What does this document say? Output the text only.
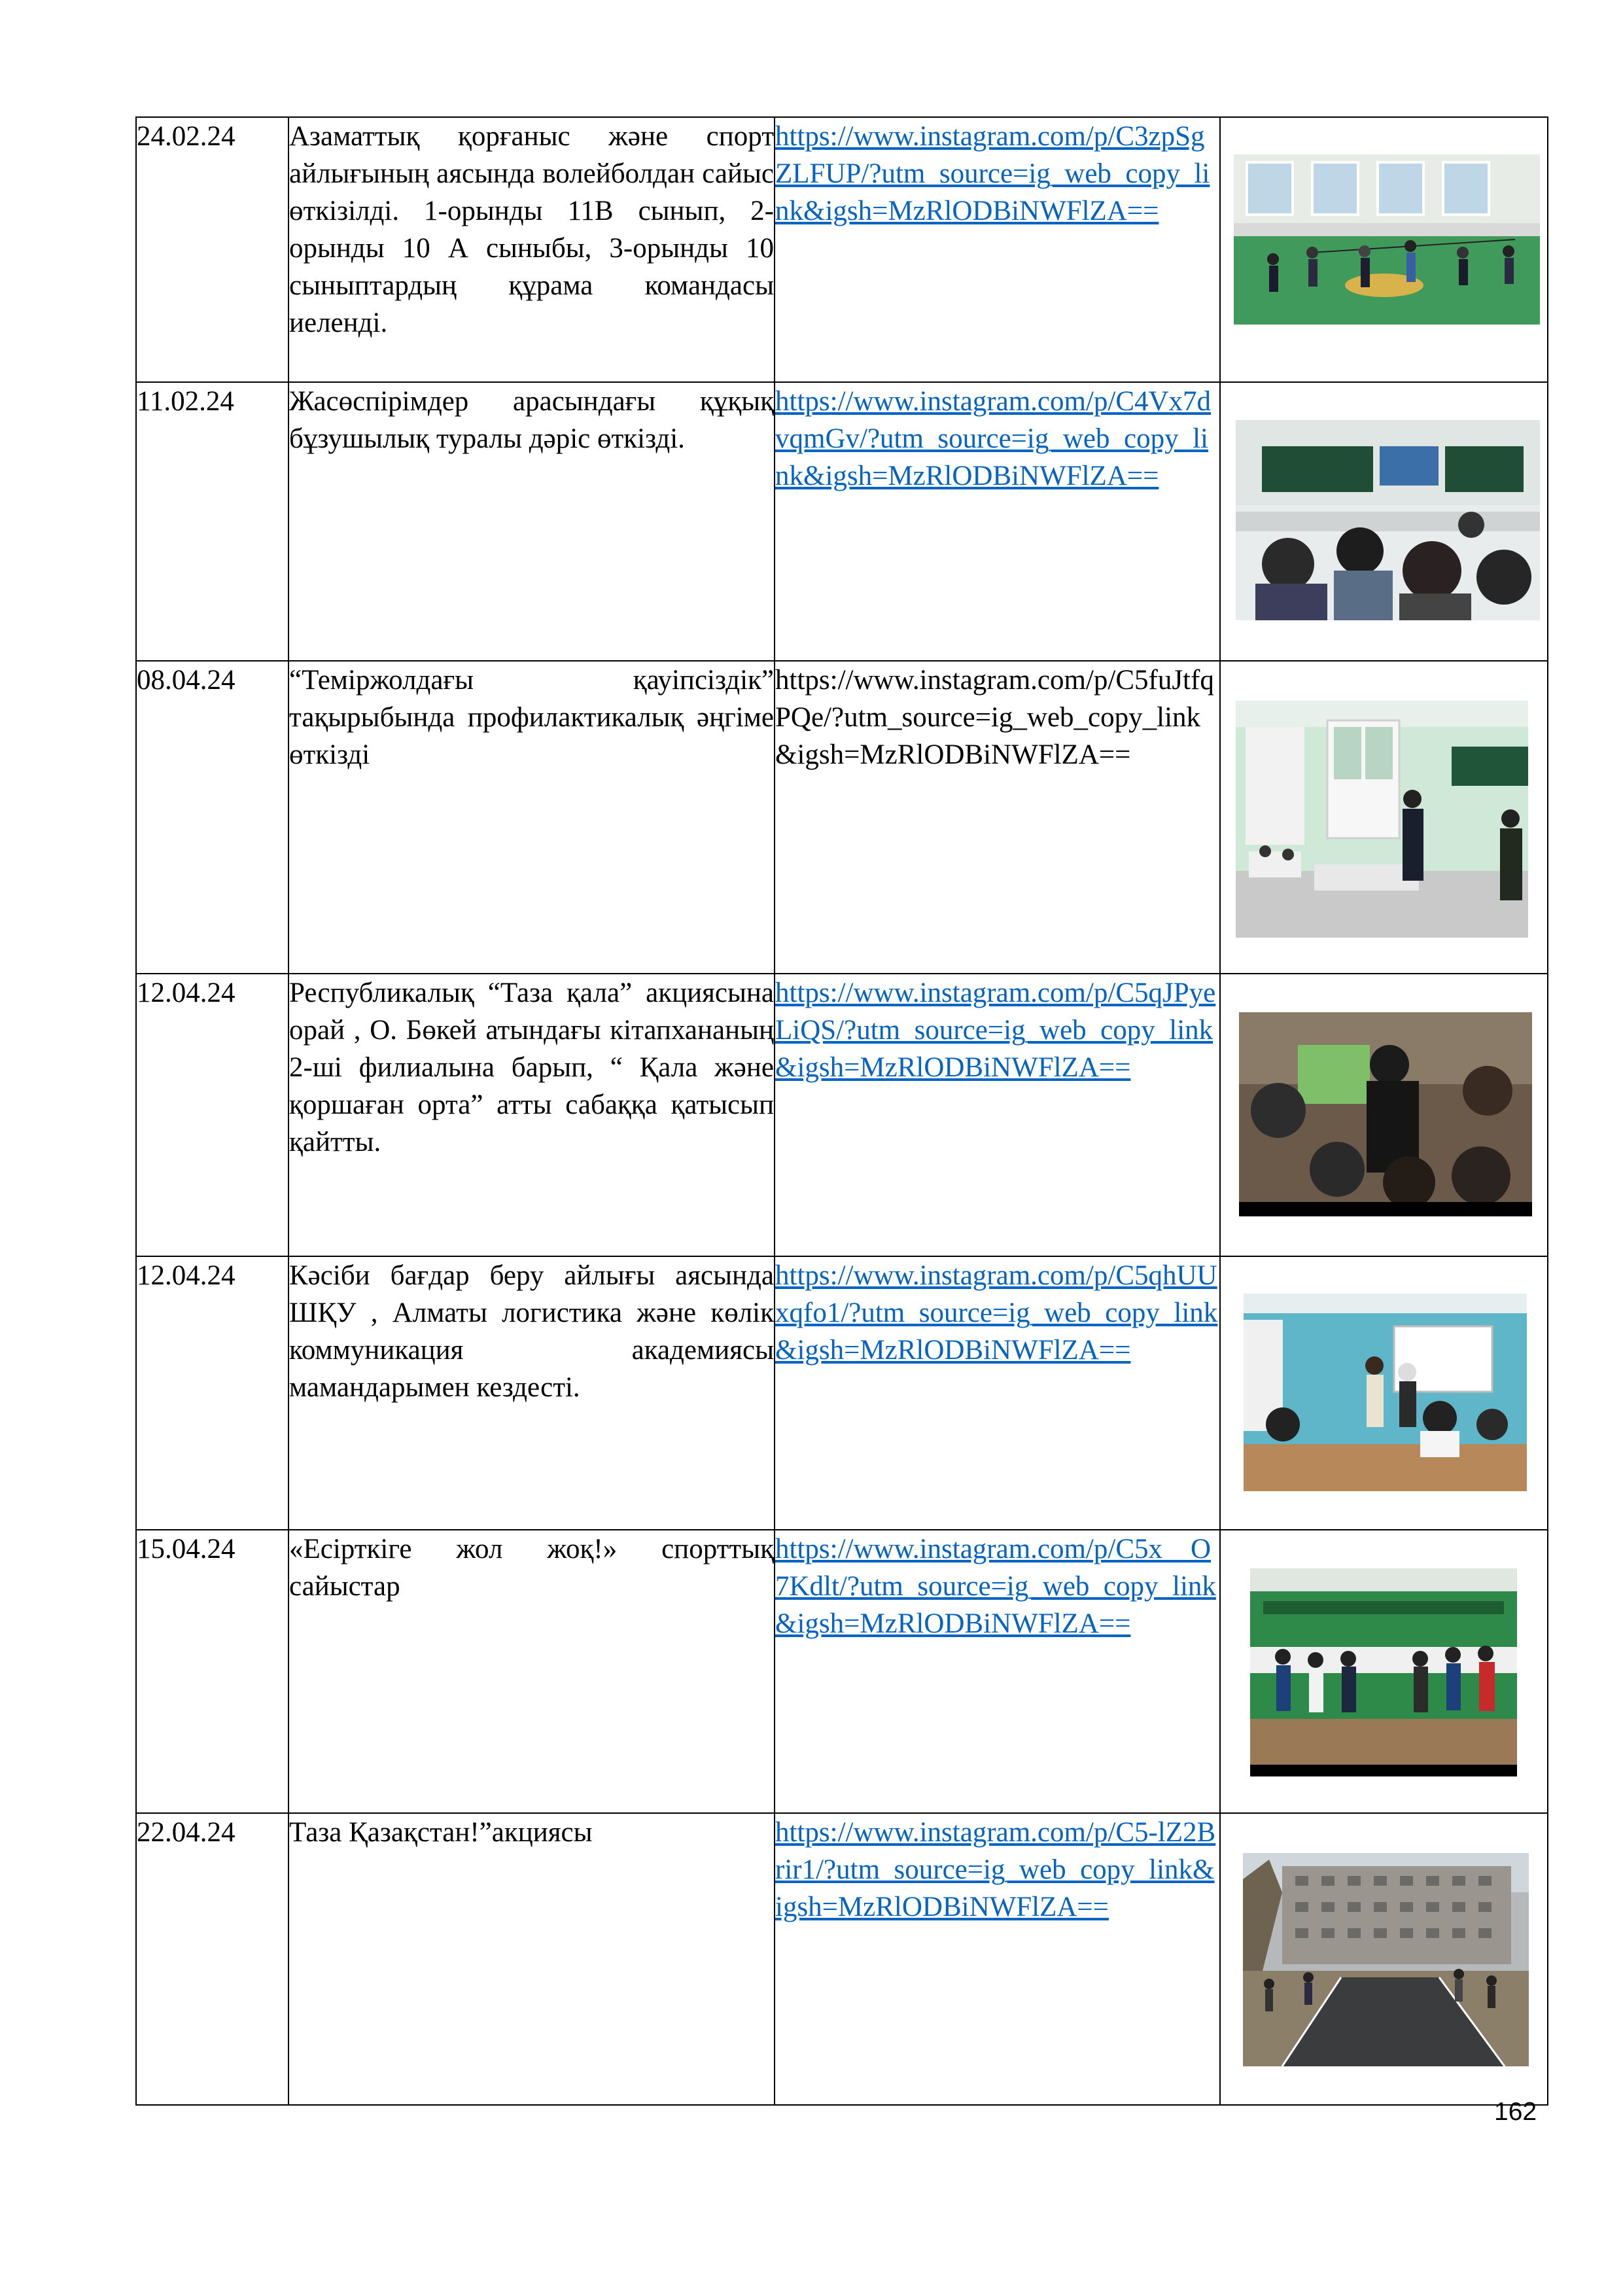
24.02.24	Азаматтық қорғаныс және спорт айлығының аясында волейболдан сайыс өткізілді. 1-орынды 11В сынып, 2-орынды 10 А сыныбы, 3-орынды 10 сыныптардың құрама командасы иеленді.	https://www.instagram.com/p/C3zpSgZLFUP/?utm_source=ig_web_copy_link&igsh=MzRlODBiNWFlZA==	

11.02.24	Жасөспірімдер арасындағы құқық бұзушылық туралы дәріс өткізді.	https://www.instagram.com/p/C4Vx7dvqmGv/?utm_source=ig_web_copy_link&igsh=MzRlODBiNWFlZA==	

08.04.24	“Теміржолдағы қауіпсіздік” тақырыбында профилактикалық әңгіме өткізді	https://www.instagram.com/p/C5fuJtfqPQe/?utm_source=ig_web_copy_link&igsh=MzRlODBiNWFlZA==	

12.04.24	Республикалық “Таза қала” акциясына орай , О. Бөкей атындағы кітапхананың 2-ші филиалына барып, “ Қала және қоршаған орта” атты сабаққа қатысып қайтты.	https://www.instagram.com/p/C5qJPyeLiQS/?utm_source=ig_web_copy_link&igsh=MzRlODBiNWFlZA==	

12.04.24	Кәсіби бағдар беру айлығы аясында ШҚУ , Алматы логистика және көлік коммуникация академиясы мамандарымен кездесті.	https://www.instagram.com/p/C5qhUUxqfo1/?utm_source=ig_web_copy_link&igsh=MzRlODBiNWFlZA==	

15.04.24	«Есірткіге жол жоқ!» спорттық сайыстар	https://www.instagram.com/p/C5x__O7Kdlt/?utm_source=ig_web_copy_link&igsh=MzRlODBiNWFlZA==	

22.04.24	Таза Қазақстан!”акциясы	https://www.instagram.com/p/C5-lZ2Brir1/?utm_source=ig_web_copy_link&igsh=MzRlODBiNWFlZA==	
162
